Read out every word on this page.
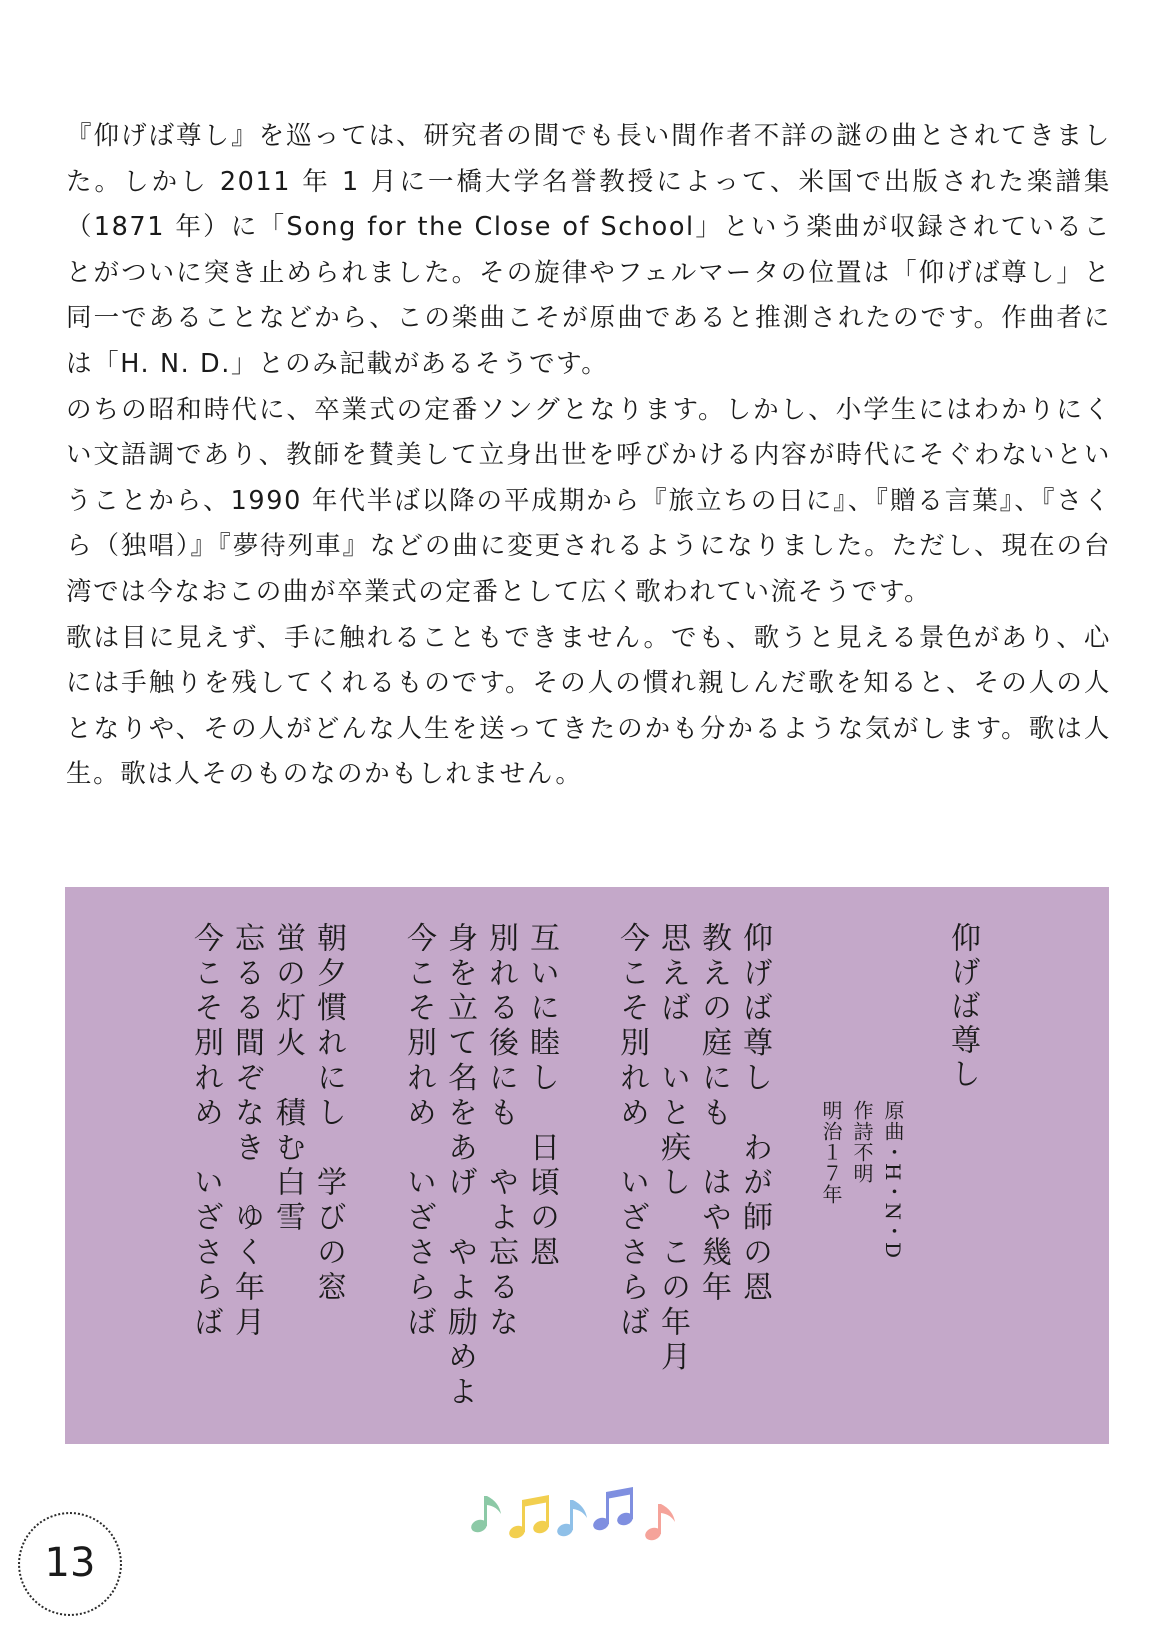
『仰げば尊し』を巡っては、研究者の間でも長い間作者不詳の謎の曲とされてきました。しかし 2011 年 1 月に一橋大学名誉教授によって、米国で出版された楽譜集（1871 年）に「Song for the Close of School」という楽曲が収録されていることがついに突き止められました。その旋律やフェルマータの位置は「仰げば尊し」と同一であることなどから、この楽曲こそが原曲であると推測されたのです。作曲者には「H. N. D.」とのみ記載があるそうです。

のちの昭和時代に、卒業式の定番ソングとなります。しかし、小学生にはわかりにくい文語調であり、教師を賛美して立身出世を呼びかける内容が時代にそぐわないということから、1990 年代半ば以降の平成期から『旅立ちの日に』、『贈る言葉』、『さくら（独唱）』『夢待列車』などの曲に変更されるようになりました。ただし、現在の台湾では今なおこの曲が卒業式の定番として広く歌われてい流そうです。

歌は目に見えず、手に触れることもできません。でも、歌うと見える景色があり、心には手触りを残してくれるものです。その人の慣れ親しんだ歌を知ると、その人の人となりや、その人がどんな人生を送ってきたのかも分かるような気がします。歌は人生。歌は人そのものなのかもしれません。

仰げば尊し
原曲・H・N・D
作詩不明
明治１７年
仰げば尊し　わが師の恩
教えの庭にも　はや幾年
思えば　いと疾し　この年月
今こそ別れめ　いざさらば
互いに睦し　日頃の恩
別れる後にも　やよ忘るな
身を立て名をあげ　やよ励めよ
今こそ別れめ　いざさらば
朝夕慣れにし　学びの窓
蛍の灯火　積む白雪
忘るる間ぞなき　ゆく年月
今こそ別れめ　いざさらば
13
